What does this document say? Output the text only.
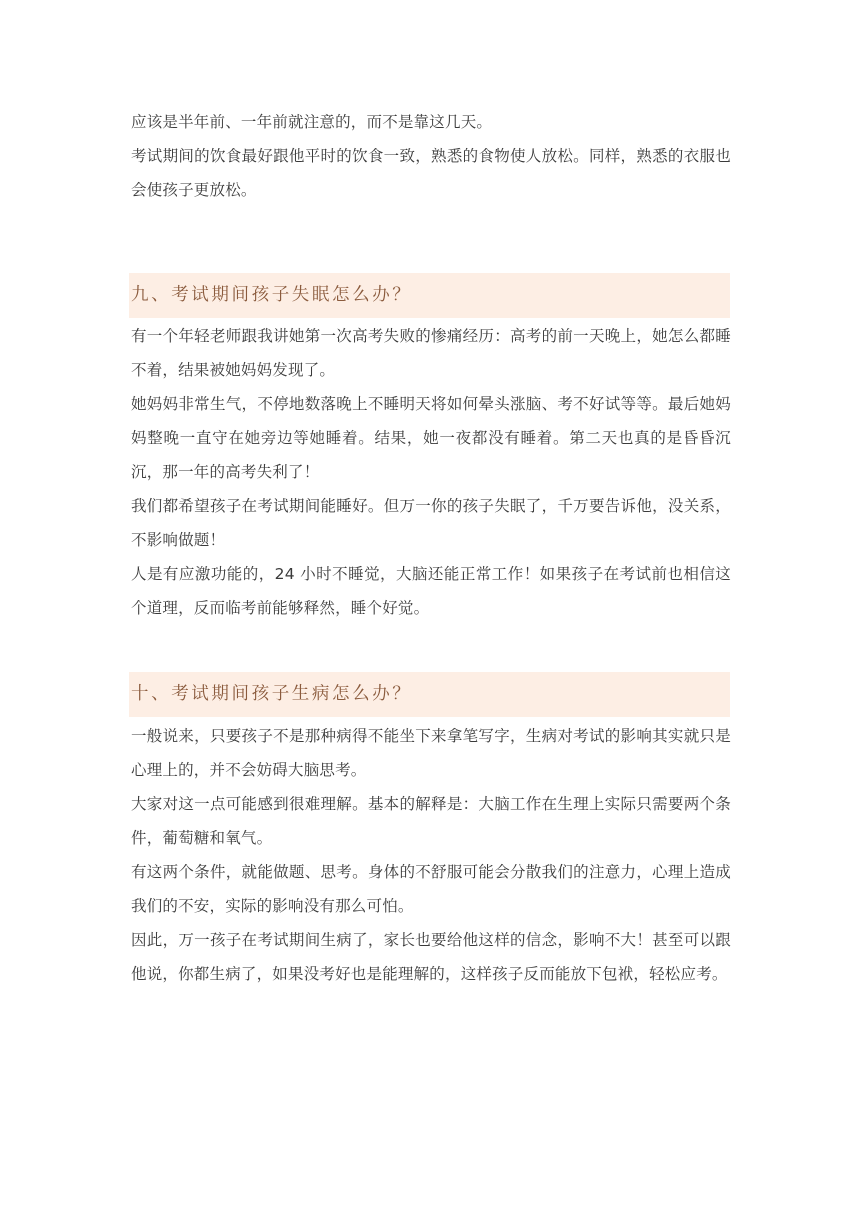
应该是半年前、一年前就注意的，而不是靠这几天。

考试期间的饮食最好跟他平时的饮食一致，熟悉的食物使人放松。同样，熟悉的衣服也会使孩子更放松。

九、考试期间孩子失眠怎么办？

有一个年轻老师跟我讲她第一次高考失败的惨痛经历：高考的前一天晚上，她怎么都睡不着，结果被她妈妈发现了。

她妈妈非常生气，不停地数落晚上不睡明天将如何晕头涨脑、考不好试等等。最后她妈妈整晚一直守在她旁边等她睡着。结果，她一夜都没有睡着。第二天也真的是昏昏沉沉，那一年的高考失利了！

我们都希望孩子在考试期间能睡好。但万一你的孩子失眠了，千万要告诉他，没关系，不影响做题！

人是有应激功能的，24 小时不睡觉，大脑还能正常工作！如果孩子在考试前也相信这个道理，反而临考前能够释然，睡个好觉。

十、考试期间孩子生病怎么办？

一般说来，只要孩子不是那种病得不能坐下来拿笔写字，生病对考试的影响其实就只是心理上的，并不会妨碍大脑思考。

大家对这一点可能感到很难理解。基本的解释是：大脑工作在生理上实际只需要两个条件，葡萄糖和氧气。

有这两个条件，就能做题、思考。身体的不舒服可能会分散我们的注意力，心理上造成我们的不安，实际的影响没有那么可怕。

因此，万一孩子在考试期间生病了，家长也要给他这样的信念，影响不大！甚至可以跟他说，你都生病了，如果没考好也是能理解的，这样孩子反而能放下包袱，轻松应考。
